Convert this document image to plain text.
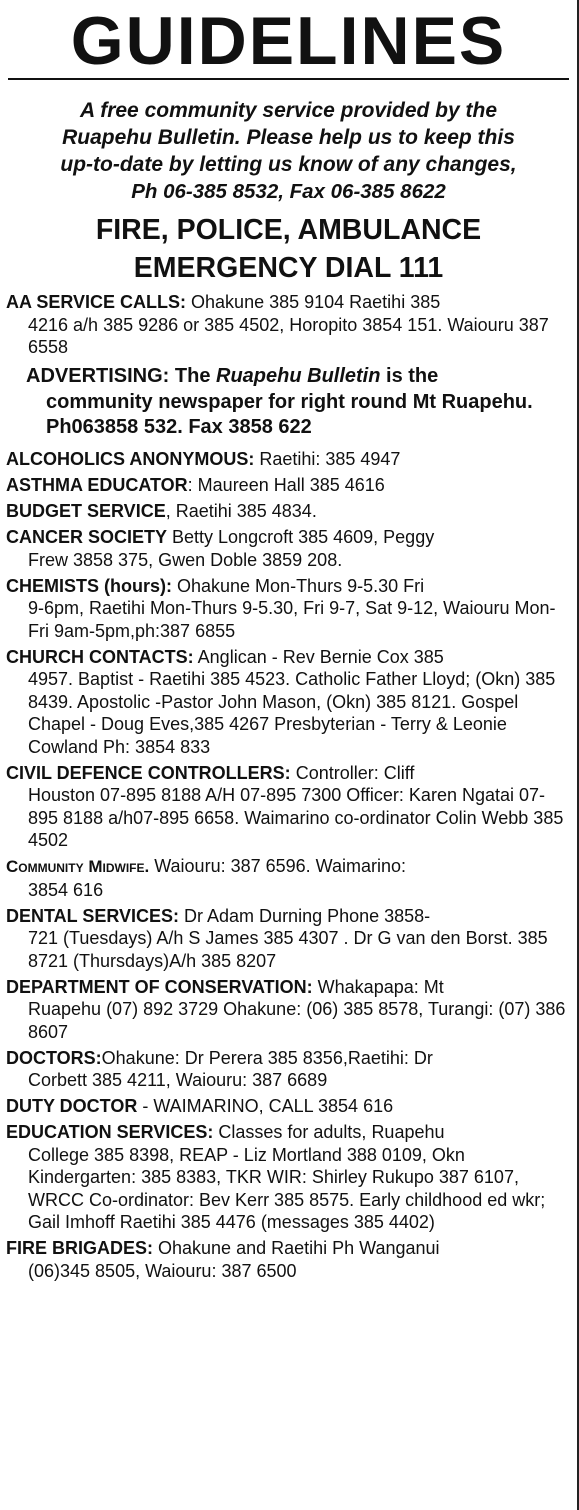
GUIDELINES
A free community service provided by the
Ruapehu Bulletin. Please help us to keep this
up-to-date by letting us know of any changes,
Ph 06-385 8532, Fax 06-385 8622
FIRE, POLICE, AMBULANCE
EMERGENCY DIAL 111
AA SERVICE CALLS: Ohakune 385 9104 Raetihi 385
4216 a/h 385 9286 or 385 4502, Horopito 3854 151. Waiouru 387 6558
ADVERTISING: The Ruapehu Bulletin is the
community newspaper for right round Mt Ruapehu. Ph063858 532. Fax 3858 622
ALCOHOLICS ANONYMOUS: Raetihi: 385 4947
ASTHMA EDUCATOR: Maureen Hall 385 4616
BUDGET SERVICE, Raetihi 385 4834.
CANCER SOCIETY Betty Longcroft 385 4609, Peggy
Frew 3858 375, Gwen Doble 3859 208.
CHEMISTS (hours): Ohakune Mon-Thurs 9-5.30 Fri
9-6pm, Raetihi Mon-Thurs 9-5.30, Fri 9-7, Sat 9-12, Waiouru Mon-Fri 9am-5pm,ph:387 6855
CHURCH CONTACTS: Anglican - Rev Bernie Cox 385
4957. Baptist - Raetihi 385 4523. Catholic Father Lloyd; (Okn) 385 8439. Apostolic -Pastor John Mason, (Okn) 385 8121. Gospel Chapel - Doug Eves,385 4267 Presbyterian - Terry & Leonie Cowland Ph: 3854 833
CIVIL DEFENCE CONTROLLERS: Controller: Cliff
Houston 07-895 8188 A/H 07-895 7300 Officer: Karen Ngatai 07-895 8188 a/h07-895 6658. Waimarino co-ordinator Colin Webb 385 4502
Community Midwife. Waiouru: 387 6596. Waimarino:
3854 616
DENTAL SERVICES: Dr Adam Durning Phone 3858-
721 (Tuesdays) A/h S James 385 4307 . Dr G van den Borst. 385 8721 (Thursdays)A/h 385 8207
DEPARTMENT OF CONSERVATION: Whakapapa: Mt
Ruapehu (07) 892 3729 Ohakune: (06) 385 8578, Turangi: (07) 386 8607
DOCTORS:Ohakune: Dr Perera 385 8356,Raetihi: Dr
Corbett 385 4211, Waiouru: 387 6689
DUTY DOCTOR - WAIMARINO, CALL 3854 616
EDUCATION SERVICES: Classes for adults, Ruapehu
College 385 8398, REAP - Liz Mortland 388 0109, Okn Kindergarten: 385 8383, TKR WIR: Shirley Rukupo 387 6107, WRCC Co-ordinator: Bev Kerr 385 8575. Early childhood ed wkr; Gail Imhoff Raetihi 385 4476 (messages 385 4402)
FIRE BRIGADES: Ohakune and Raetihi Ph Wanganui
(06)345 8505, Waiouru: 387 6500
